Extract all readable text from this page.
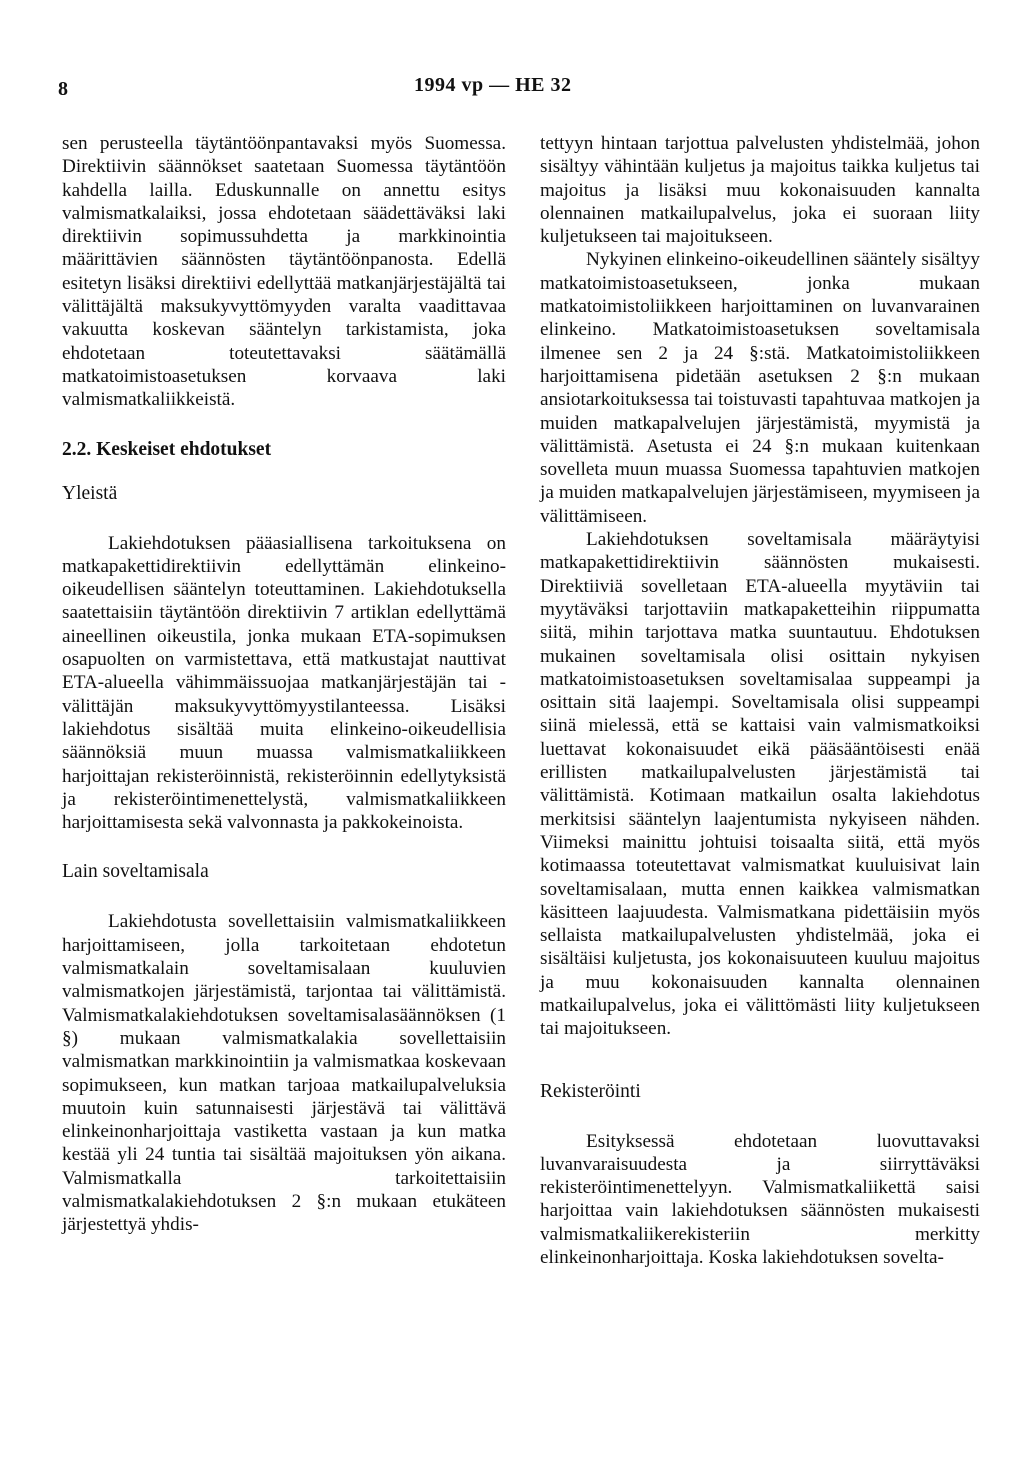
8	1994 vp — HE 32

sen perusteella täytäntöönpantavaksi myös Suomessa. Direktiivin säännökset saatetaan Suomessa täytäntöön kahdella lailla. Eduskunnalle on annettu esitys valmismatkalaiksi, jossa ehdotetaan säädettäväksi laki direktiivin sopimussuhdetta ja markkinointia määrittävien säännösten täytäntöönpanosta. Edellä esitetyn lisäksi direktiivi edellyttää matkanjärjestäjältä tai välittäjältä maksukyvyttömyyden varalta vaadittavaa vakuutta koskevan sääntelyn tarkistamista, joka ehdotetaan toteutettavaksi säätämällä matkatoimistoasetuksen korvaava laki valmismatkaliikkeistä.

2.2. Keskeiset ehdotukset

Yleistä

Lakiehdotuksen pääasiallisena tarkoituksena on matkapakettidirektiivin edellyttämän elinkeino-oikeudellisen sääntelyn toteuttaminen. Lakiehdotuksella saatettaisiin täytäntöön direktiivin 7 artiklan edellyttämä aineellinen oikeustila, jonka mukaan ETA-sopimuksen osapuolten on varmistettava, että matkustajat nauttivat ETA-alueella vähimmäissuojaa matkanjärjestäjän tai -välittäjän maksukyvyttömyystilanteessa. Lisäksi lakiehdotus sisältää muita elinkeino-oikeudellisia säännöksiä muun muassa valmismatkaliikkeen harjoittajan rekisteröinnistä, rekisteröinnin edellytyksistä ja rekisteröintimenettelystä, valmismatkaliikkeen harjoittamisesta sekä valvonnasta ja pakkokeinoista.

Lain soveltamisala

Lakiehdotusta sovellettaisiin valmismatkaliikkeen harjoittamiseen, jolla tarkoitetaan ehdotetun valmismatkalain soveltamisalaan kuuluvien valmismatkojen järjestämistä, tarjontaa tai välittämistä. Valmismatkalakiehdotuksen soveltamisalasäännöksen (1 §) mukaan valmismatkalakia sovellettaisiin valmismatkan markkinointiin ja valmismatkaa koskevaan sopimukseen, kun matkan tarjoaa matkailupalveluksia muutoin kuin satunnaisesti järjestävä tai välittävä elinkeinonharjoittaja vastiketta vastaan ja kun matka kestää yli 24 tuntia tai sisältää majoituksen yön aikana. Valmismatkalla tarkoitettaisiin valmismatkalakiehdotuksen 2 §:n mukaan etukäteen järjestettyä yhdis-

tettyyn hintaan tarjottua palvelusten yhdistelmää, johon sisältyy vähintään kuljetus ja majoitus taikka kuljetus tai majoitus ja lisäksi muu kokonaisuuden kannalta olennainen matkailupalvelus, joka ei suoraan liity kuljetukseen tai majoitukseen.

Nykyinen elinkeino-oikeudellinen sääntely sisältyy matkatoimistoasetukseen, jonka mukaan matkatoimistoliikkeen harjoittaminen on luvanvarainen elinkeino. Matkatoimistoasetuksen soveltamisala ilmenee sen 2 ja 24 §:stä. Matkatoimistoliikkeen harjoittamisena pidetään asetuksen 2 §:n mukaan ansiotarkoituksessa tai toistuvasti tapahtuvaa matkojen ja muiden matkapalvelujen järjestämistä, myymistä ja välittämistä. Asetusta ei 24 §:n mukaan kuitenkaan sovelleta muun muassa Suomessa tapahtuvien matkojen ja muiden matkapalvelujen järjestämiseen, myymiseen ja välittämiseen.

Lakiehdotuksen soveltamisala määräytyisi matkapakettidirektiivin säännösten mukaisesti. Direktiiviä sovelletaan ETA-alueella myytäviin tai myytäväksi tarjottaviin matkapaketteihin riippumatta siitä, mihin tarjottava matka suuntautuu. Ehdotuksen mukainen soveltamisala olisi osittain nykyisen matkatoimistoasetuksen soveltamisalaa suppeampi ja osittain sitä laajempi. Soveltamisala olisi suppeampi siinä mielessä, että se kattaisi vain valmismatkoiksi luettavat kokonaisuudet eikä pääsääntöisesti enää erillisten matkailupalvelusten järjestämistä tai välittämistä. Kotimaan matkailun osalta lakiehdotus merkitsisi sääntelyn laajentumista nykyiseen nähden. Viimeksi mainittu johtuisi toisaalta siitä, että myös kotimaassa toteutettavat valmismatkat kuuluisivat lain soveltamisalaan, mutta ennen kaikkea valmismatkan käsitteen laajuudesta. Valmismatkana pidettäisiin myös sellaista matkailupalvelusten yhdistelmää, joka ei sisältäisi kuljetusta, jos kokonaisuuteen kuuluu majoitus ja muu kokonaisuuden kannalta olennainen matkailupalvelus, joka ei välittömästi liity kuljetukseen tai majoitukseen.

Rekisteröinti

Esityksessä ehdotetaan luovuttavaksi luvanvaraisuudesta ja siirryttäväksi rekisteröintimenettelyyn. Valmismatkaliikettä saisi harjoittaa vain lakiehdotuksen säännösten mukaisesti valmismatkaliikerekisteriin merkitty elinkeinonharjoittaja. Koska lakiehdotuksen sovelta-
